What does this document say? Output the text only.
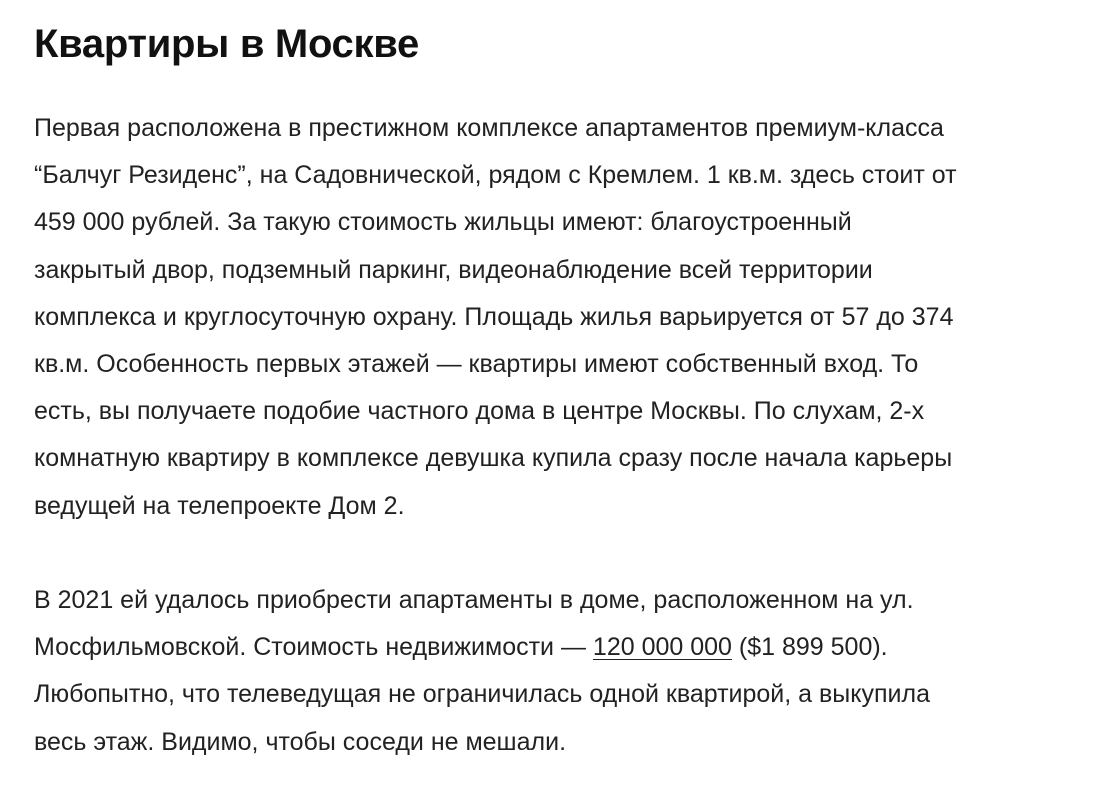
Квартиры в Москве

Первая расположена в престижном комплексе апартаментов премиум-класса
“Балчуг Резиденс”, на Садовнической, рядом с Кремлем. 1 кв.м. здесь стоит от
459 000 рублей. За такую стоимость жильцы имеют: благоустроенный
закрытый двор, подземный паркинг, видеонаблюдение всей территории
комплекса и круглосуточную охрану. Площадь жилья варьируется от 57 до 374
кв.м. Особенность первых этажей — квартиры имеют собственный вход. То
есть, вы получаете подобие частного дома в центре Москвы. По слухам, 2-х
комнатную квартиру в комплексе девушка купила сразу после начала карьеры
ведущей на телепроекте Дом 2.

В 2021 ей удалось приобрести апартаменты в доме, расположенном на ул.
Мосфильмовской. Стоимость недвижимости — 120 000 000 ($1 899 500).
Любопытно, что телеведущая не ограничилась одной квартирой, а выкупила
весь этаж. Видимо, чтобы соседи не мешали.
